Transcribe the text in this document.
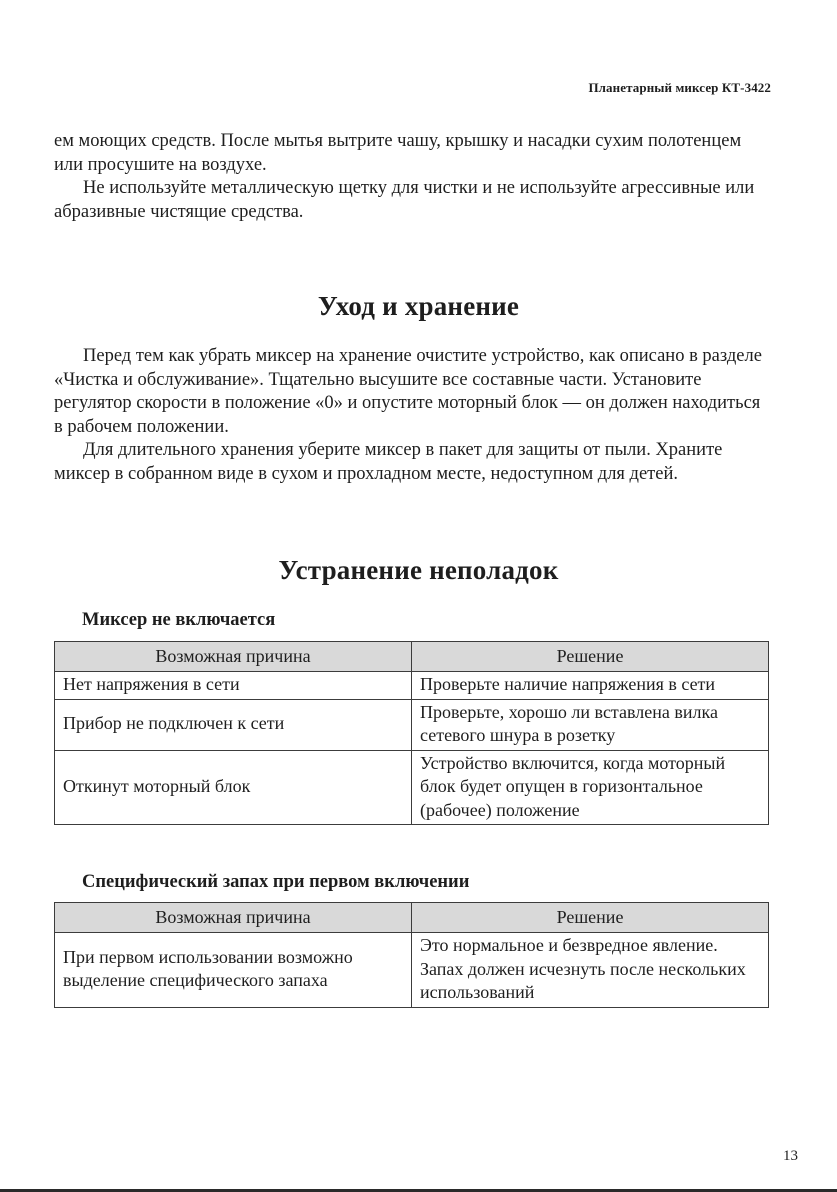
Планетарный миксер КТ-3422

ем моющих средств. После мытья вытрите чашу, крышку и насадки сухим полотенцем или просушите на воздухе.

Не используйте металлическую щетку для чистки и не используйте агрессивные или абразивные чистящие средства.

Уход и хранение

Перед тем как убрать миксер на хранение очистите устройство, как описано в разделе «Чистка и обслуживание». Тщательно высушите все составные части. Установите регулятор скорости в положение «0» и опустите моторный блок — он должен находиться в рабочем положении.

Для длительного хранения уберите миксер в пакет для защиты от пыли. Храните миксер в собранном виде в сухом и прохладном месте, недоступном для детей.

Устранение неполадок
Миксер не включается
Возможная причина	Решение
Нет напряжения в сети	Проверьте наличие напряжения в сети
Прибор не подключен к сети	Проверьте, хорошо ли вставлена вилка сетевого шнура в розетку
Откинут моторный блок	Устройство включится, когда моторный блок будет опущен в горизонтальное (рабочее) положение
Специфический запах при первом включении
Возможная причина	Решение
При первом использовании возможно выделение специфического запаха	Это нормальное и безвредное явление. Запах должен исчезнуть после нескольких использований
13
